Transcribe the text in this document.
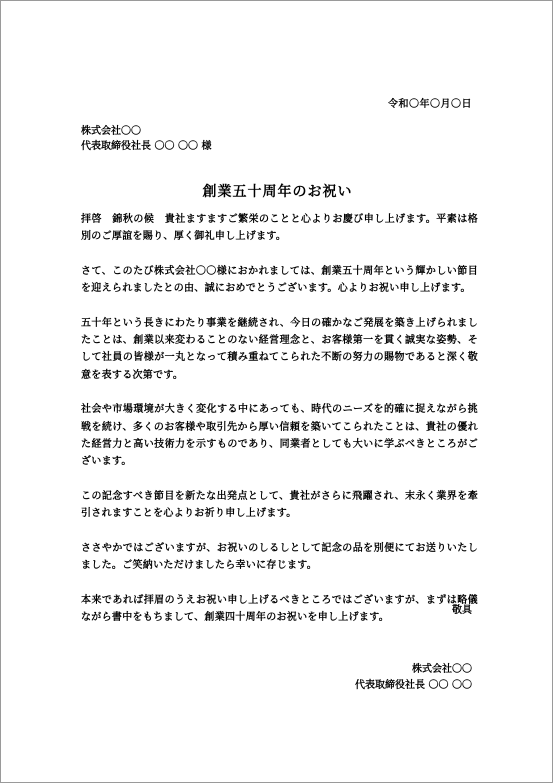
令和〇年〇月〇日
株式会社〇〇
代表取締役社長 〇〇 〇〇 様
創業五十周年のお祝い

拝啓　錦秋の候　貴社ますますご繁栄のことと心よりお慶び申し上げます。平素は格別のご厚誼を賜り、厚く御礼申し上げます。

さて、このたび株式会社〇〇様におかれましては、創業五十周年という輝かしい節目を迎えられましたとの由、誠におめでとうございます。心よりお祝い申し上げます。

五十年という長きにわたり事業を継続され、今日の確かなご発展を築き上げられましたことは、創業以来変わることのない経営理念と、お客様第一を貫く誠実な姿勢、そして社員の皆様が一丸となって積み重ねてこられた不断の努力の賜物であると深く敬意を表する次第です。

社会や市場環境が大きく変化する中にあっても、時代のニーズを的確に捉えながら挑戦を続け、多くのお客様や取引先から厚い信頼を築いてこられたことは、貴社の優れた経営力と高い技術力を示すものであり、同業者としても大いに学ぶべきところがございます。

この記念すべき節目を新たな出発点として、貴社がさらに飛躍され、末永く業界を牽引されますことを心よりお祈り申し上げます。

ささやかではございますが、お祝いのしるしとして記念の品を別便にてお送りいたしました。ご笑納いただけましたら幸いに存じます。

本来であれば拝眉のうえお祝い申し上げるべきところではございますが、まずは略儀ながら書中をもちまして、創業四十周年のお祝いを申し上げます。

敬具
株式会社〇〇
代表取締役社長 〇〇 〇〇
